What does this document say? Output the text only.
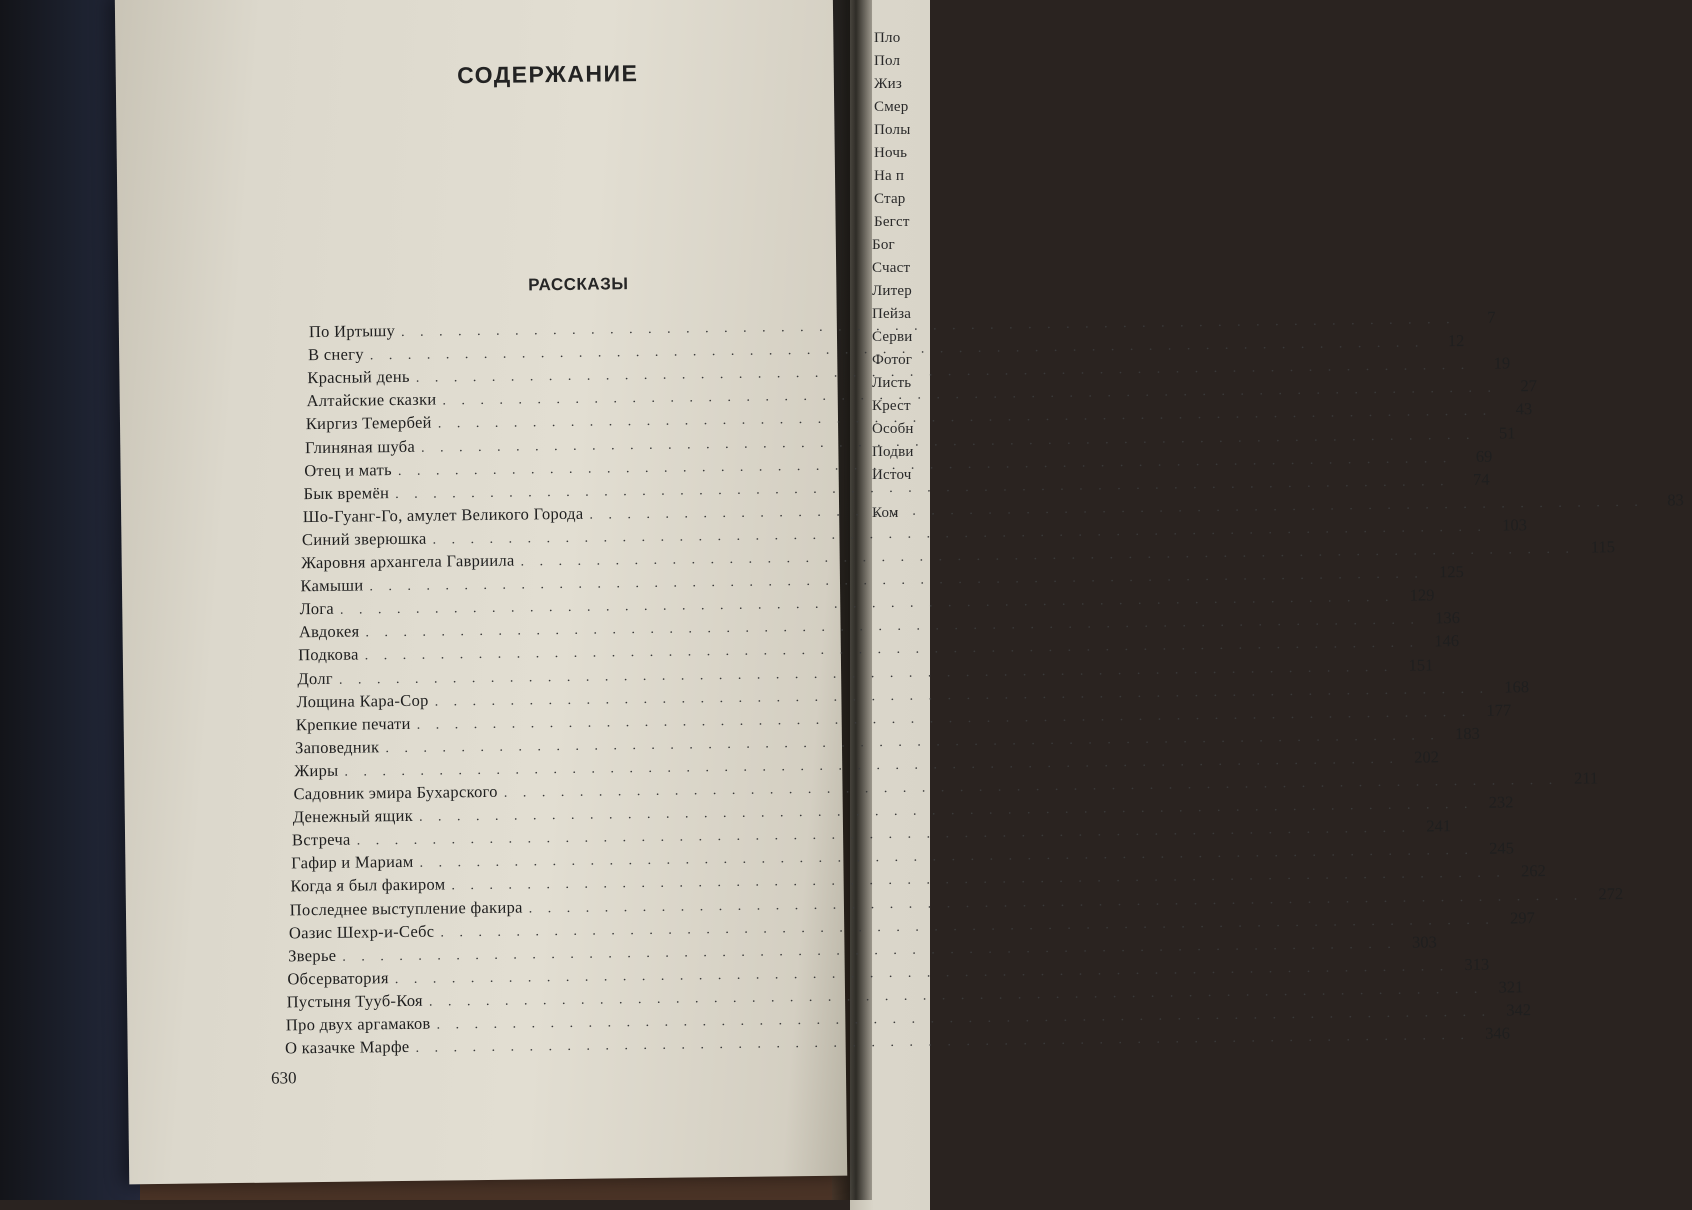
Пло
Пол
Жиз
Смер
Полы
Ночь
На п
Стар
Бегст
Бог
Счаст
Литер
Пейза
Серви
Фотог
Листь
Крест
Особн
Подви
Источ
Ком
СОДЕРЖАНИЕ
РАССКАЗЫ
По Иртышу
. . .
7
В снегу
. . .
12
Красный день
. . .
19
Алтайские сказки
. . .
27
Киргиз Темербей
. . .
43
Глиняная шуба
. . .
51
Отец и мать
. . .
69
Бык времён
. . .
74
Шо-Гуанг-Го, амулет Великого Города
. . .
83
Синий зверюшка
. . .
103
Жаровня архангела Гавриила
. . .
115
Камыши
. . .
125
Лога
. . .
129
Авдокея
. . .
136
Подкова
. . .
146
Долг
. . .
151
Лощина Кара-Сор
. . .
168
Крепкие печати
. . .
177
Заповедник
. . .
183
Жиры
. . .
202
Садовник эмира Бухарского
. . .
211
Денежный ящик
. . .
232
Встреча
. . .
241
Гафир и Мариам
. . .
245
Когда я был факиром
. . .
262
Последнее выступление факира
. . .
272
Оазис Шехр-и-Себс
. . .
297
Зверье
. . .
303
Обсерватория
. . .
313
Пустыня Тууб-Коя
. . .
321
Про двух аргамаков
. . .
342
О казачке Марфе
. . .
346
630
